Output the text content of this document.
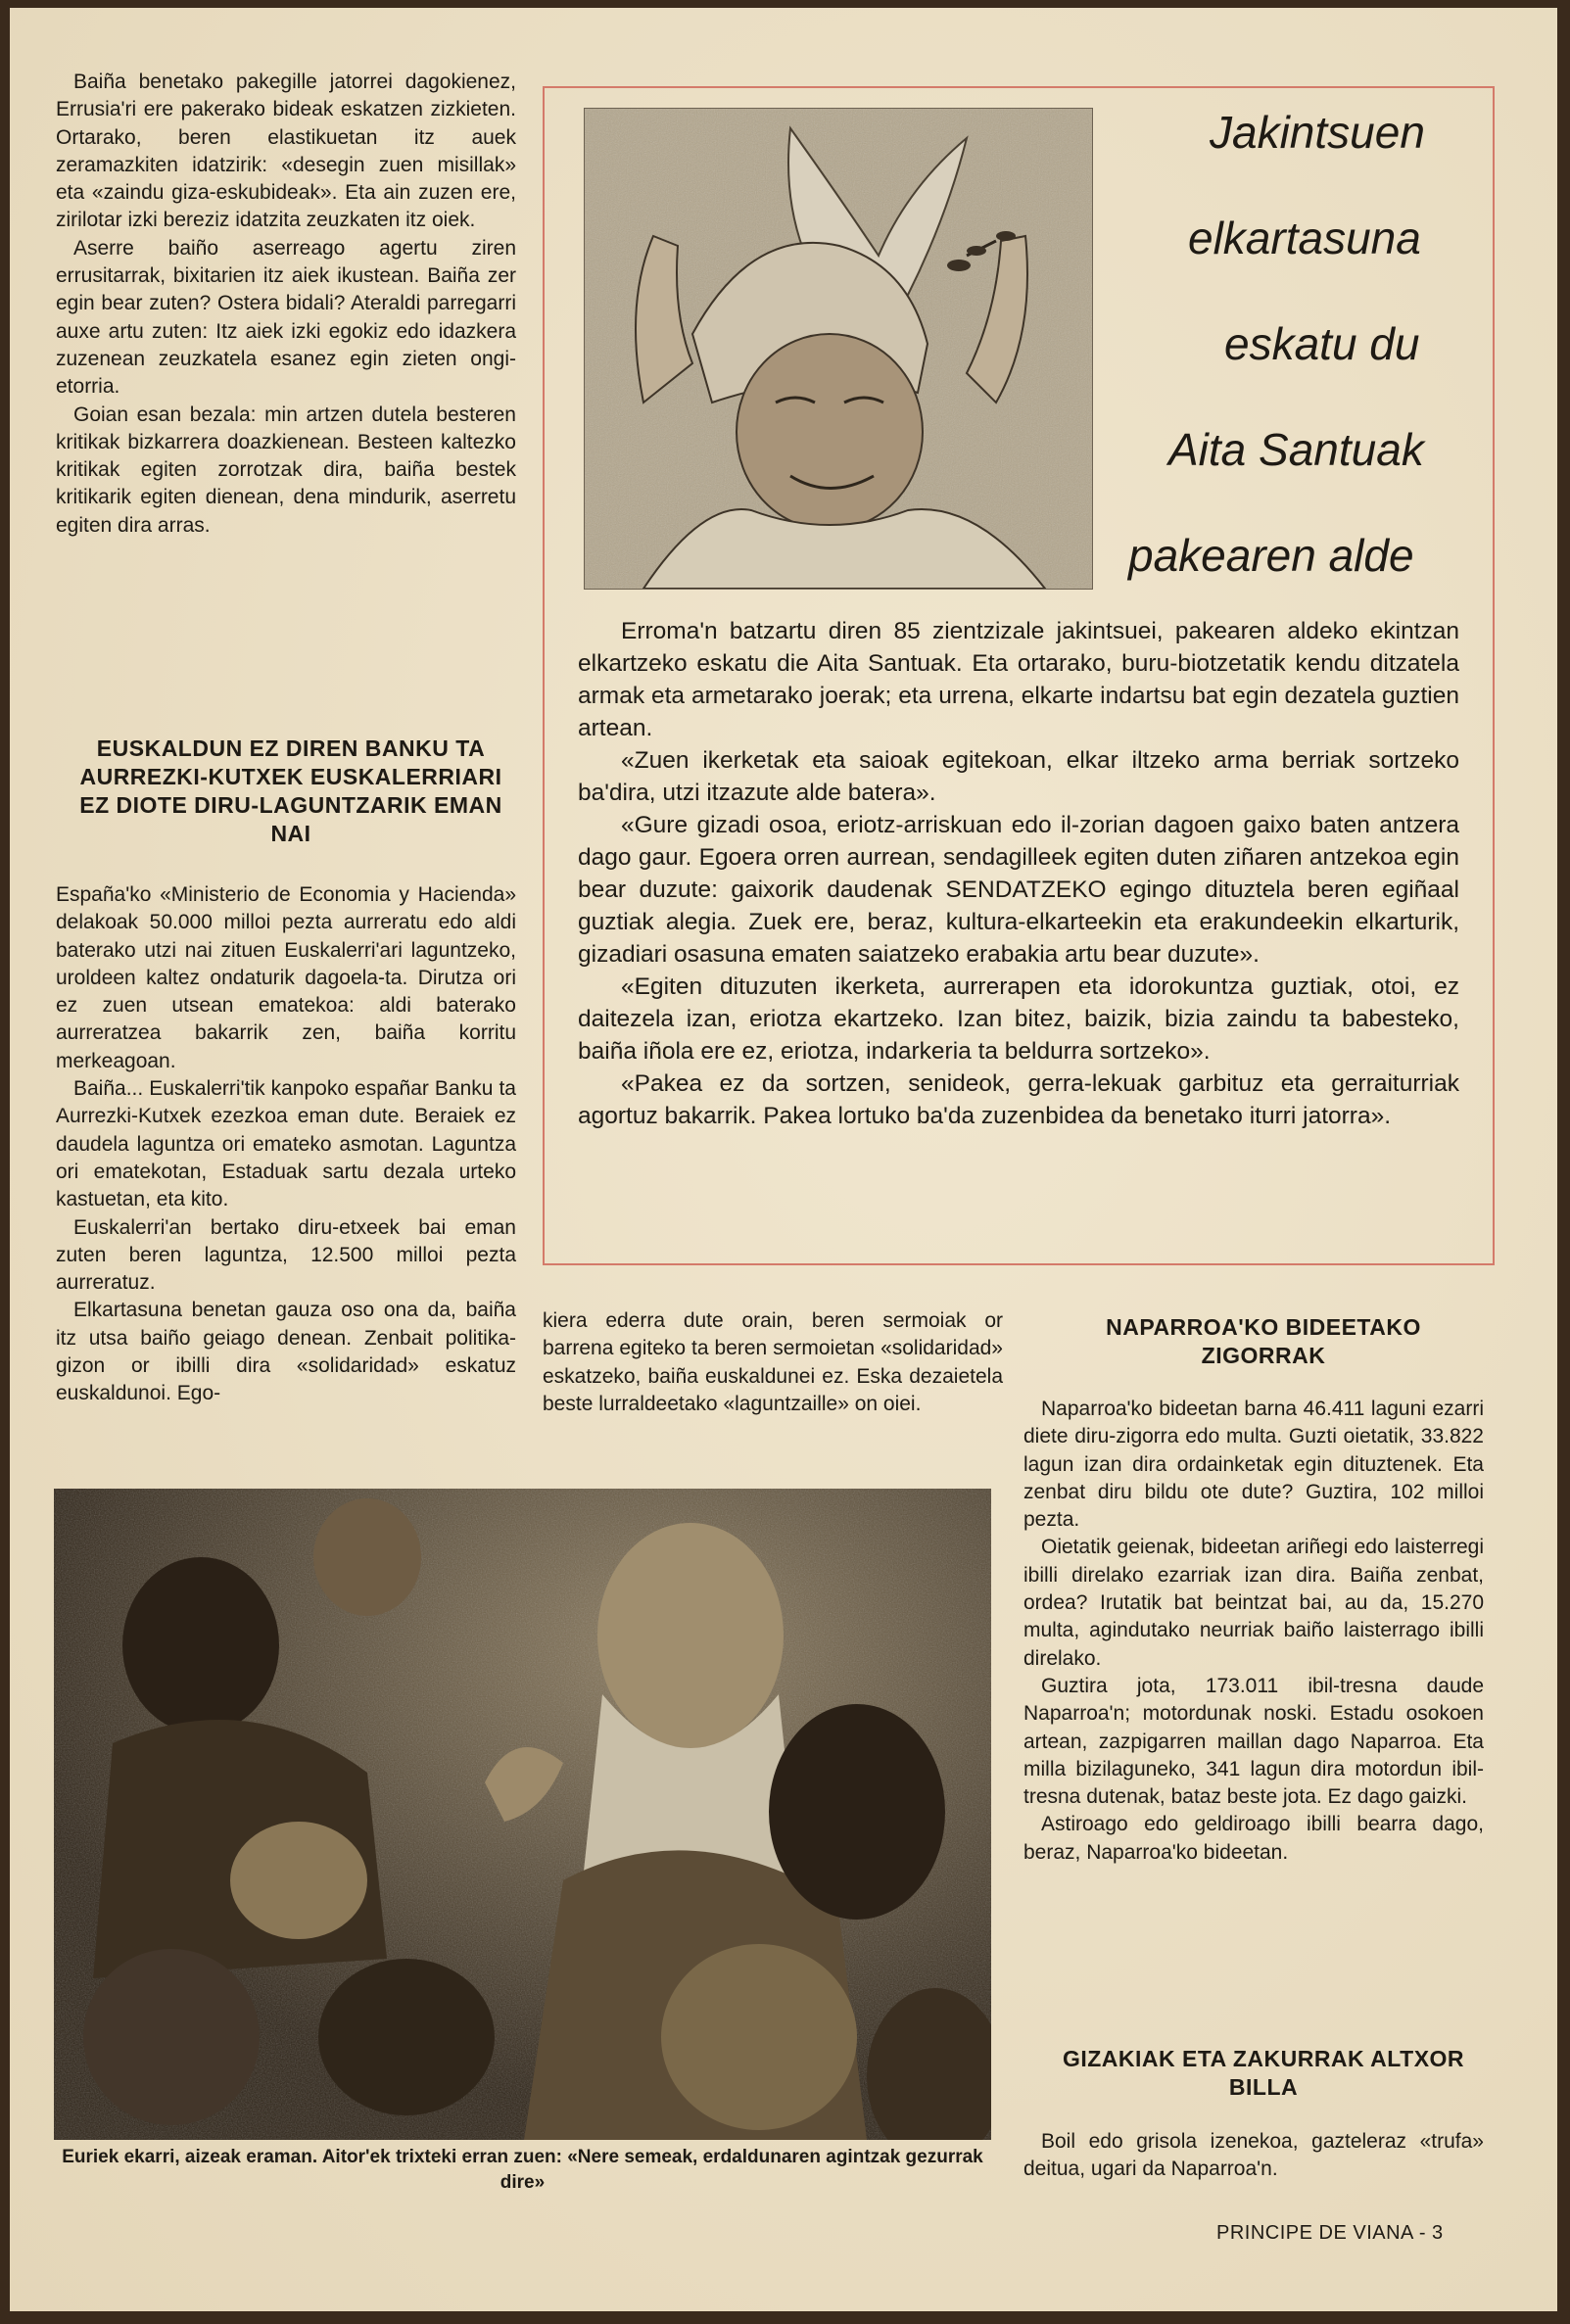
Baiña benetako pakegille jatorrei dagokienez, Errusia'ri ere pakerako bideak eskatzen zizkieten. Ortarako, beren elastikuetan itz auek zeramazkiten idatzirik: «desegin zuen misillak» eta «zaindu giza-eskubideak». Eta ain zuzen ere, zirilotar izki bereziz idatzita zeuzkaten itz oiek.

Aserre baiño aserreago agertu ziren errusitarrak, bixitarien itz aiek ikustean. Baiña zer egin bear zuten? Ostera bidali? Ateraldi parregarri auxe artu zuten: Itz aiek izki egokiz edo idazkera zuzenean zeuzkatela esanez egin zieten ongi-etorria.

Goian esan bezala: min artzen dutela besteren kritikak bizkarrera doazkienean. Besteen kaltezko kritikak egiten zorrotzak dira, baiña bestek kritikarik egiten dienean, dena mindurik, aserretu egiten dira arras.

EUSKALDUN EZ DIREN BANKU TA AURREZKI-KUTXEK EUSKALERRIARI EZ DIOTE DIRU-LAGUNTZARIK EMAN NAI

España'ko «Ministerio de Economia y Hacienda» delakoak 50.000 milloi pezta aurreratu edo aldi baterako utzi nai zituen Euskalerri'ari laguntzeko, uroldeen kaltez ondaturik dagoela-ta. Dirutza ori ez zuen utsean ematekoa: aldi baterako aurreratzea bakarrik zen, baiña korritu merkeagoan.

Baiña... Euskalerri'tik kanpoko españar Banku ta Aurrezki-Kutxek ezezkoa eman dute. Beraiek ez daudela laguntza ori emateko asmotan. Laguntza ori ematekotan, Estaduak sartu dezala urteko kastuetan, eta kito.

Euskalerri'an bertako diru-etxeek bai eman zuten beren laguntza, 12.500 milloi pezta aurreratuz.

Elkartasuna benetan gauza oso ona da, baiña itz utsa baiño geiago denean. Zenbait politika-gizon or ibilli dira «solidaridad» eskatuz euskaldunoi. Ego-

Jakintsuen
elkartasuna
eskatu du
Aita Santuak
pakearen alde

Erroma'n batzartu diren 85 zientzizale jakintsuei, pakearen aldeko ekintzan elkartzeko eskatu die Aita Santuak. Eta ortarako, buru-biotzetatik kendu ditzatela armak eta armetarako joerak; eta urrena, elkarte indartsu bat egin dezatela guztien artean.

«Zuen ikerketak eta saioak egitekoan, elkar iltzeko arma berriak sortzeko ba'dira, utzi itzazute alde batera».

«Gure gizadi osoa, eriotz-arriskuan edo il-zorian dagoen gaixo baten antzera dago gaur. Egoera orren aurrean, sendagilleek egiten duten ziñaren antzekoa egin bear duzute: gaixorik daudenak SENDATZEKO egingo dituztela beren egiñaal guztiak alegia. Zuek ere, beraz, kultura-elkarteekin eta erakundeekin elkarturik, gizadiari osasuna ematen saiatzeko erabakia artu bear duzute».

«Egiten dituzuten ikerketa, aurrerapen eta idorokuntza guztiak, otoi, ez daitezela izan, eriotza ekartzeko. Izan bitez, baizik, bizia zaindu ta babesteko, baiña iñola ere ez, eriotza, indarkeria ta beldurra sortzeko».

«Pakea ez da sortzen, senideok, gerra-lekuak garbituz eta gerraiturriak agortuz bakarrik. Pakea lortuko ba'da zuzenbidea da benetako iturri jatorra».

kiera ederra dute orain, beren sermoiak or barrena egiteko ta beren sermoietan «solidaridad» eskatzeko, baiña euskaldunei ez. Eska dezaietela beste lurraldeetako «laguntzaille» on oiei.

Euriek ekarri, aizeak eraman. Aitor'ek trixteki erran zuen: «Nere semeak, erdaldunaren agintzak gezurrak dire»
NAPARROA'KO BIDEETAKO ZIGORRAK

Naparroa'ko bideetan barna 46.411 laguni ezarri diete diru-zigorra edo multa. Guzti oietatik, 33.822 lagun izan dira ordainketak egin dituztenek. Eta zenbat diru bildu ote dute? Guztira, 102 milloi pezta.

Oietatik geienak, bideetan ariñegi edo laisterregi ibilli direlako ezarriak izan dira. Baiña zenbat, ordea? Irutatik bat beintzat bai, au da, 15.270 multa, agindutako neurriak baiño laisterrago ibilli direlako.

Guztira jota, 173.011 ibil-tresna daude Naparroa'n; motordunak noski. Estadu osokoen artean, zazpigarren maillan dago Naparroa. Eta milla bizilaguneko, 341 lagun dira motordun ibil-tresna dutenak, bataz beste jota. Ez dago gaizki.

Astiroago edo geldiroago ibilli bearra dago, beraz, Naparroa'ko bideetan.

GIZAKIAK ETA ZAKURRAK ALTXOR BILLA

Boil edo grisola izenekoa, gazteleraz «trufa» deitua, ugari da Naparroa'n.

PRINCIPE DE VIANA - 3
